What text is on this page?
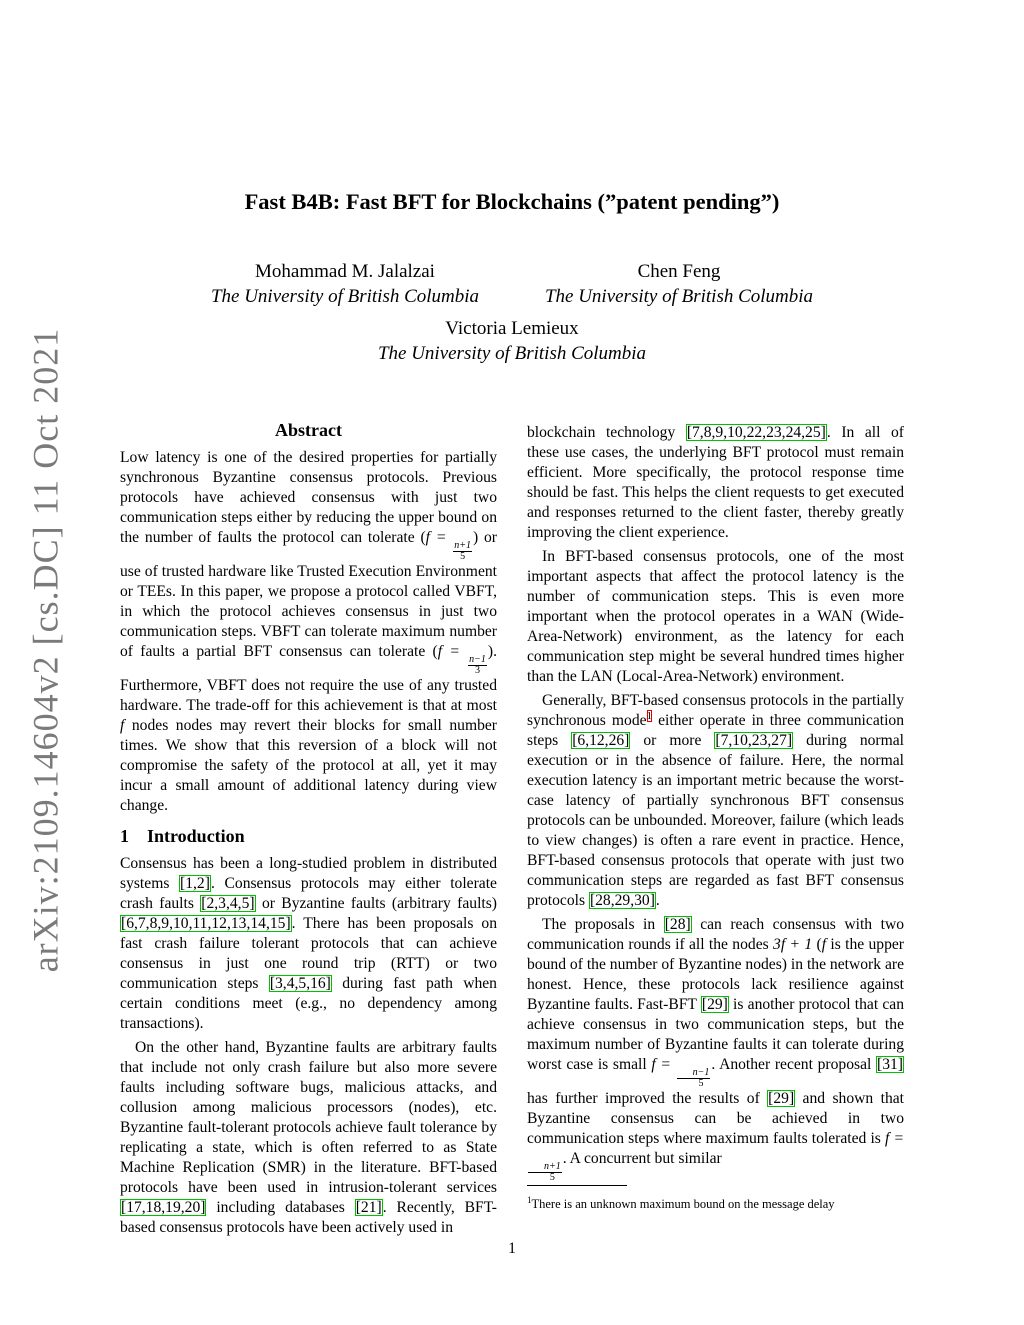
arXiv:2109.14604v2 [cs.DC] 11 Oct 2021
Fast B4B: Fast BFT for Blockchains (”patent pending”)
Mohammad M. Jalalzai
The University of British Columbia
Chen Feng
The University of British Columbia
Victoria Lemieux
The University of British Columbia
Abstract

Low latency is one of the desired properties for partially synchronous Byzantine consensus protocols. Previous protocols have achieved consensus with just two communication steps either by reducing the upper bound on the number of faults the protocol can tolerate (f =
$\frac{n+1}{5}$
) or use of trusted hardware like Trusted Execution Environment or TEEs. In this paper, we propose a protocol called VBFT, in which the protocol achieves consensus in just two communication steps. VBFT can tolerate maximum number of faults a partial BFT consensus can tolerate (f =
$\frac{n-1}{3}$
). Furthermore, VBFT does not require the use of any trusted hardware. The trade-off for this achievement is that at most f nodes nodes may revert their blocks for small number times. We show that this reversion of a block will not compromise the safety of the protocol at all, yet it may incur a small amount of additional latency during view change.

1 Introduction

Consensus has been a long-studied problem in distributed systems [1,2]. Consensus protocols may either tolerate crash faults [2,3,4,5] or Byzantine faults (arbitrary faults) [6,7,8,9,10,11,12,13,14,15]. There has been proposals on fast crash failure tolerant protocols that can achieve consensus in just one round trip (RTT) or two communication steps [3,4,5,16] during fast path when certain conditions meet (e.g., no dependency among transactions).

On the other hand, Byzantine faults are arbitrary faults that include not only crash failure but also more severe faults including software bugs, malicious attacks, and collusion among malicious processors (nodes), etc. Byzantine fault-tolerant protocols achieve fault tolerance by replicating a state, which is often referred to as State Machine Replication (SMR) in the literature. BFT-based protocols have been used in intrusion-tolerant services [17,18,19,20] including databases [21]. Recently, BFT-based consensus protocols have been actively used in

blockchain technology [7,8,9,10,22,23,24,25]. In all of these use cases, the underlying BFT protocol must remain efficient. More specifically, the protocol response time should be fast. This helps the client requests to get executed and responses returned to the client faster, thereby greatly improving the client experience.

In BFT-based consensus protocols, one of the most important aspects that affect the protocol latency is the number of communication steps. This is even more important when the protocol operates in a WAN (Wide-Area-Network) environment, as the latency for each communication step might be several hundred times higher than the LAN (Local-Area-Network) environment.

Generally, BFT-based consensus protocols in the partially synchronous mode$^1$ either operate in three communication steps [6,12,26] or more [7,10,23,27] during normal execution or in the absence of failure. Here, the normal execution latency is an important metric because the worst-case latency of partially synchronous BFT consensus protocols can be unbounded. Moreover, failure (which leads to view changes) is often a rare event in practice. Hence, BFT-based consensus protocols that operate with just two communication steps are regarded as fast BFT consensus protocols [28,29,30].

The proposals in [28] can reach consensus with two communication rounds if all the nodes 3f + 1 (f is the upper bound of the number of Byzantine nodes) in the network are honest. Hence, these protocols lack resilience against Byzantine faults. Fast-BFT [29] is another protocol that can achieve consensus in two communication steps, but the maximum number of Byzantine faults it can tolerate during worst case is small f =
$\frac{n-1}{5}$
. Another recent proposal [31] has further improved the results of [29] and shown that Byzantine consensus can be achieved in two communication steps where maximum faults tolerated is f =
$\frac{n+1}{5}$
. A concurrent but similar

$^1$There is an unknown maximum bound on the message delay
1
